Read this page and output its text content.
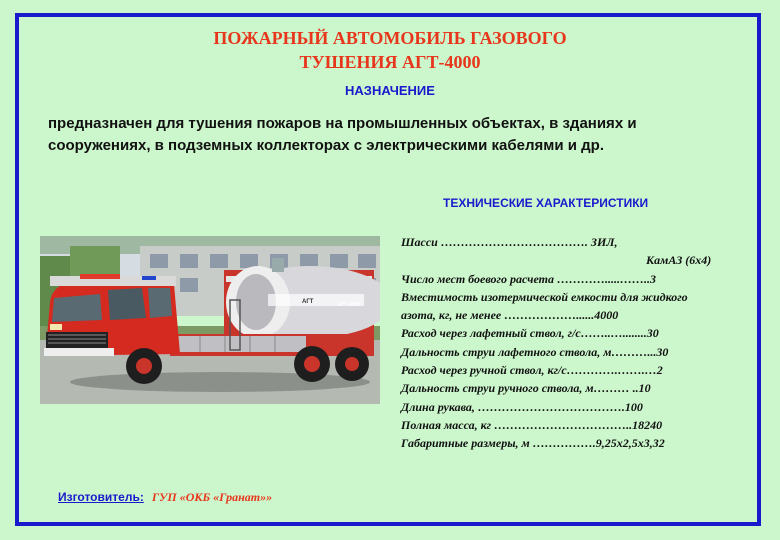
ПОЖАРНЫЙ АВТОМОБИЛЬ ГАЗОВОГО
ТУШЕНИЯ АГТ-4000
НАЗНАЧЕНИЕ
предназначен для тушения пожаров на промышленных объектах, в зданиях и сооружениях, в подземных коллекторах с электрическими кабелями и др.
АГТ	АГТ-4000
ТЕХНИЧЕСКИЕ ХАРАКТЕРИСТИКИ
Шасси ………………………………. ЗИЛ,
КамАЗ (6х4)
Число мест боевого расчета ………….....……..3
Вместимость изотермической емкости для жидкого
азота, кг, не менее ………………......4000
Расход через лафетный ствол, г/с……..…........30
Дальность струи лафетного ствола, м………...30
Расход через ручной ствол, кг/с………….…….…2
Дальность струи ручного ствола, м……… ..10
Длина рукава, ……………………………….100
Полная масса, кг ……………………………..18240
Габаритные размеры, м …………….9,25х2,5х3,32
Изготовитель: ГУП «ОКБ «Гранат»»
